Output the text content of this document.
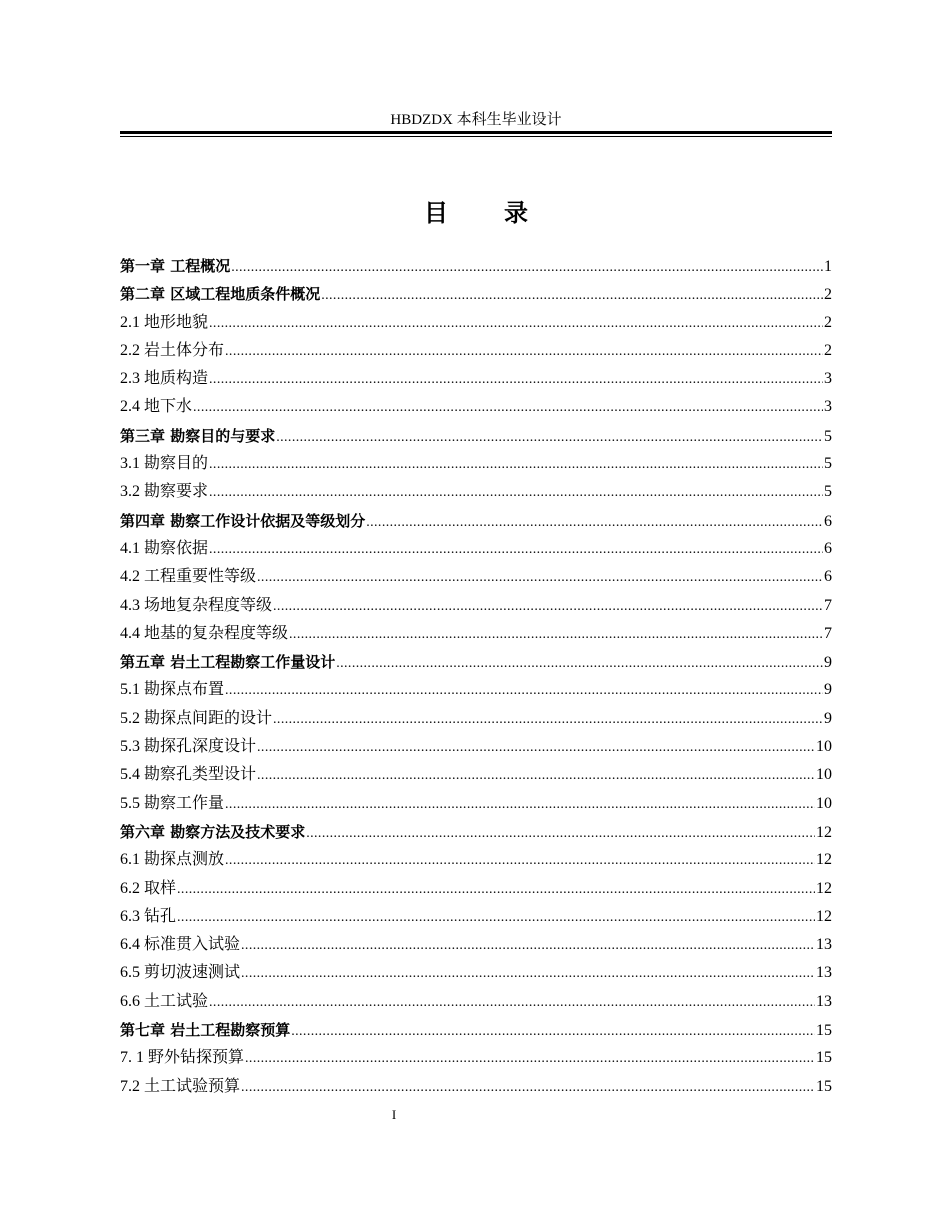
HBDZDX 本科生毕业设计
目录
第一章 工程概况 .....	1
第二章 区域工程地质条件概况 .....	2
2.1 地形地貌 .....	2
2.2 岩土体分布 .....	2
2.3 地质构造 .....	3
2.4 地下水 .....	3
第三章 勘察目的与要求 .....	5
3.1 勘察目的 .....	5
3.2 勘察要求 .....	5
第四章 勘察工作设计依据及等级划分 .....	6
4.1 勘察依据 .....	6
4.2 工程重要性等级 .....	6
4.3 场地复杂程度等级 .....	7
4.4 地基的复杂程度等级 .....	7
第五章 岩土工程勘察工作量设计 .....	9
5.1 勘探点布置 .....	9
5.2 勘探点间距的设计 .....	9
5.3 勘探孔深度设计 .....	10
5.4 勘察孔类型设计 .....	10
5.5 勘察工作量 .....	10
第六章 勘察方法及技术要求 .....	12
6.1 勘探点测放 .....	12
6.2 取样 .....	12
6.3 钻孔 .....	12
6.4 标准贯入试验 .....	13
6.5 剪切波速测试 .....	13
6.6 土工试验 .....	13
第七章 岩土工程勘察预算 .....	15
7. 1 野外钻探预算 .....	15
7.2 土工试验预算 .....	15
I
